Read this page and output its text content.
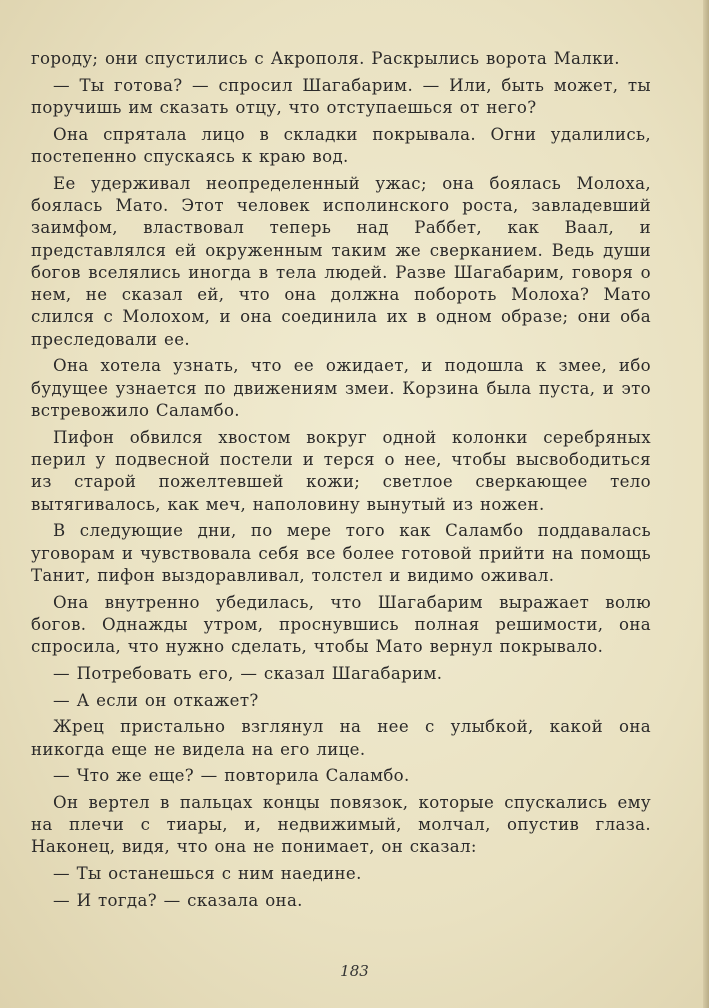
городу; они спустились с Акрополя. Раскрылись ворота Малки.

— Ты готова? — спросил Шагабарим. — Или, быть может, ты поручишь им сказать отцу, что отступаешься от него?

Она спрятала лицо в складки покрывала. Огни удалились, постепенно спускаясь к краю вод.

Ее удерживал неопределенный ужас; она боялась Молоха, боялась Мато. Этот человек исполинского роста, завладевший заимфом, властвовал теперь над Раббет, как Ваал, и представлялся ей окруженным таким же сверканием. Ведь души богов вселялись иногда в тела людей. Разве Шагабарим, говоря о нем, не сказал ей, что она должна побороть Молоха? Мато слился с Молохом, и она соединила их в одном образе; они оба преследовали ее.

Она хотела узнать, что ее ожидает, и подошла к змее, ибо будущее узнается по движениям змеи. Корзина была пуста, и это встревожило Саламбо.

Пифон обвился хвостом вокруг одной колонки серебряных перил у подвесной постели и терся о нее, чтобы высвободиться из старой пожелтевшей кожи; светлое сверкающее тело вытягивалось, как меч, наполовину вынутый из ножен.

В следующие дни, по мере того как Саламбо поддавалась уговорам и чувствовала себя все более готовой прийти на помощь Танит, пифон выздоравливал, толстел и видимо оживал.

Она внутренно убедилась, что Шагабарим выражает волю богов. Однажды утром, проснувшись полная решимости, она спросила, что нужно сделать, чтобы Мато вернул покрывало.

— Потребовать его, — сказал Шагабарим.

— А если он откажет?

Жрец пристально взглянул на нее с улыбкой, какой она никогда еще не видела на его лице.

— Что же еще? — повторила Саламбо.

Он вертел в пальцах концы повязок, которые спускались ему на плечи с тиары, и, недвижимый, молчал, опустив глаза. Наконец, видя, что она не понимает, он сказал:

— Ты останешься с ним наедине.

— И тогда? — сказала она.

183
